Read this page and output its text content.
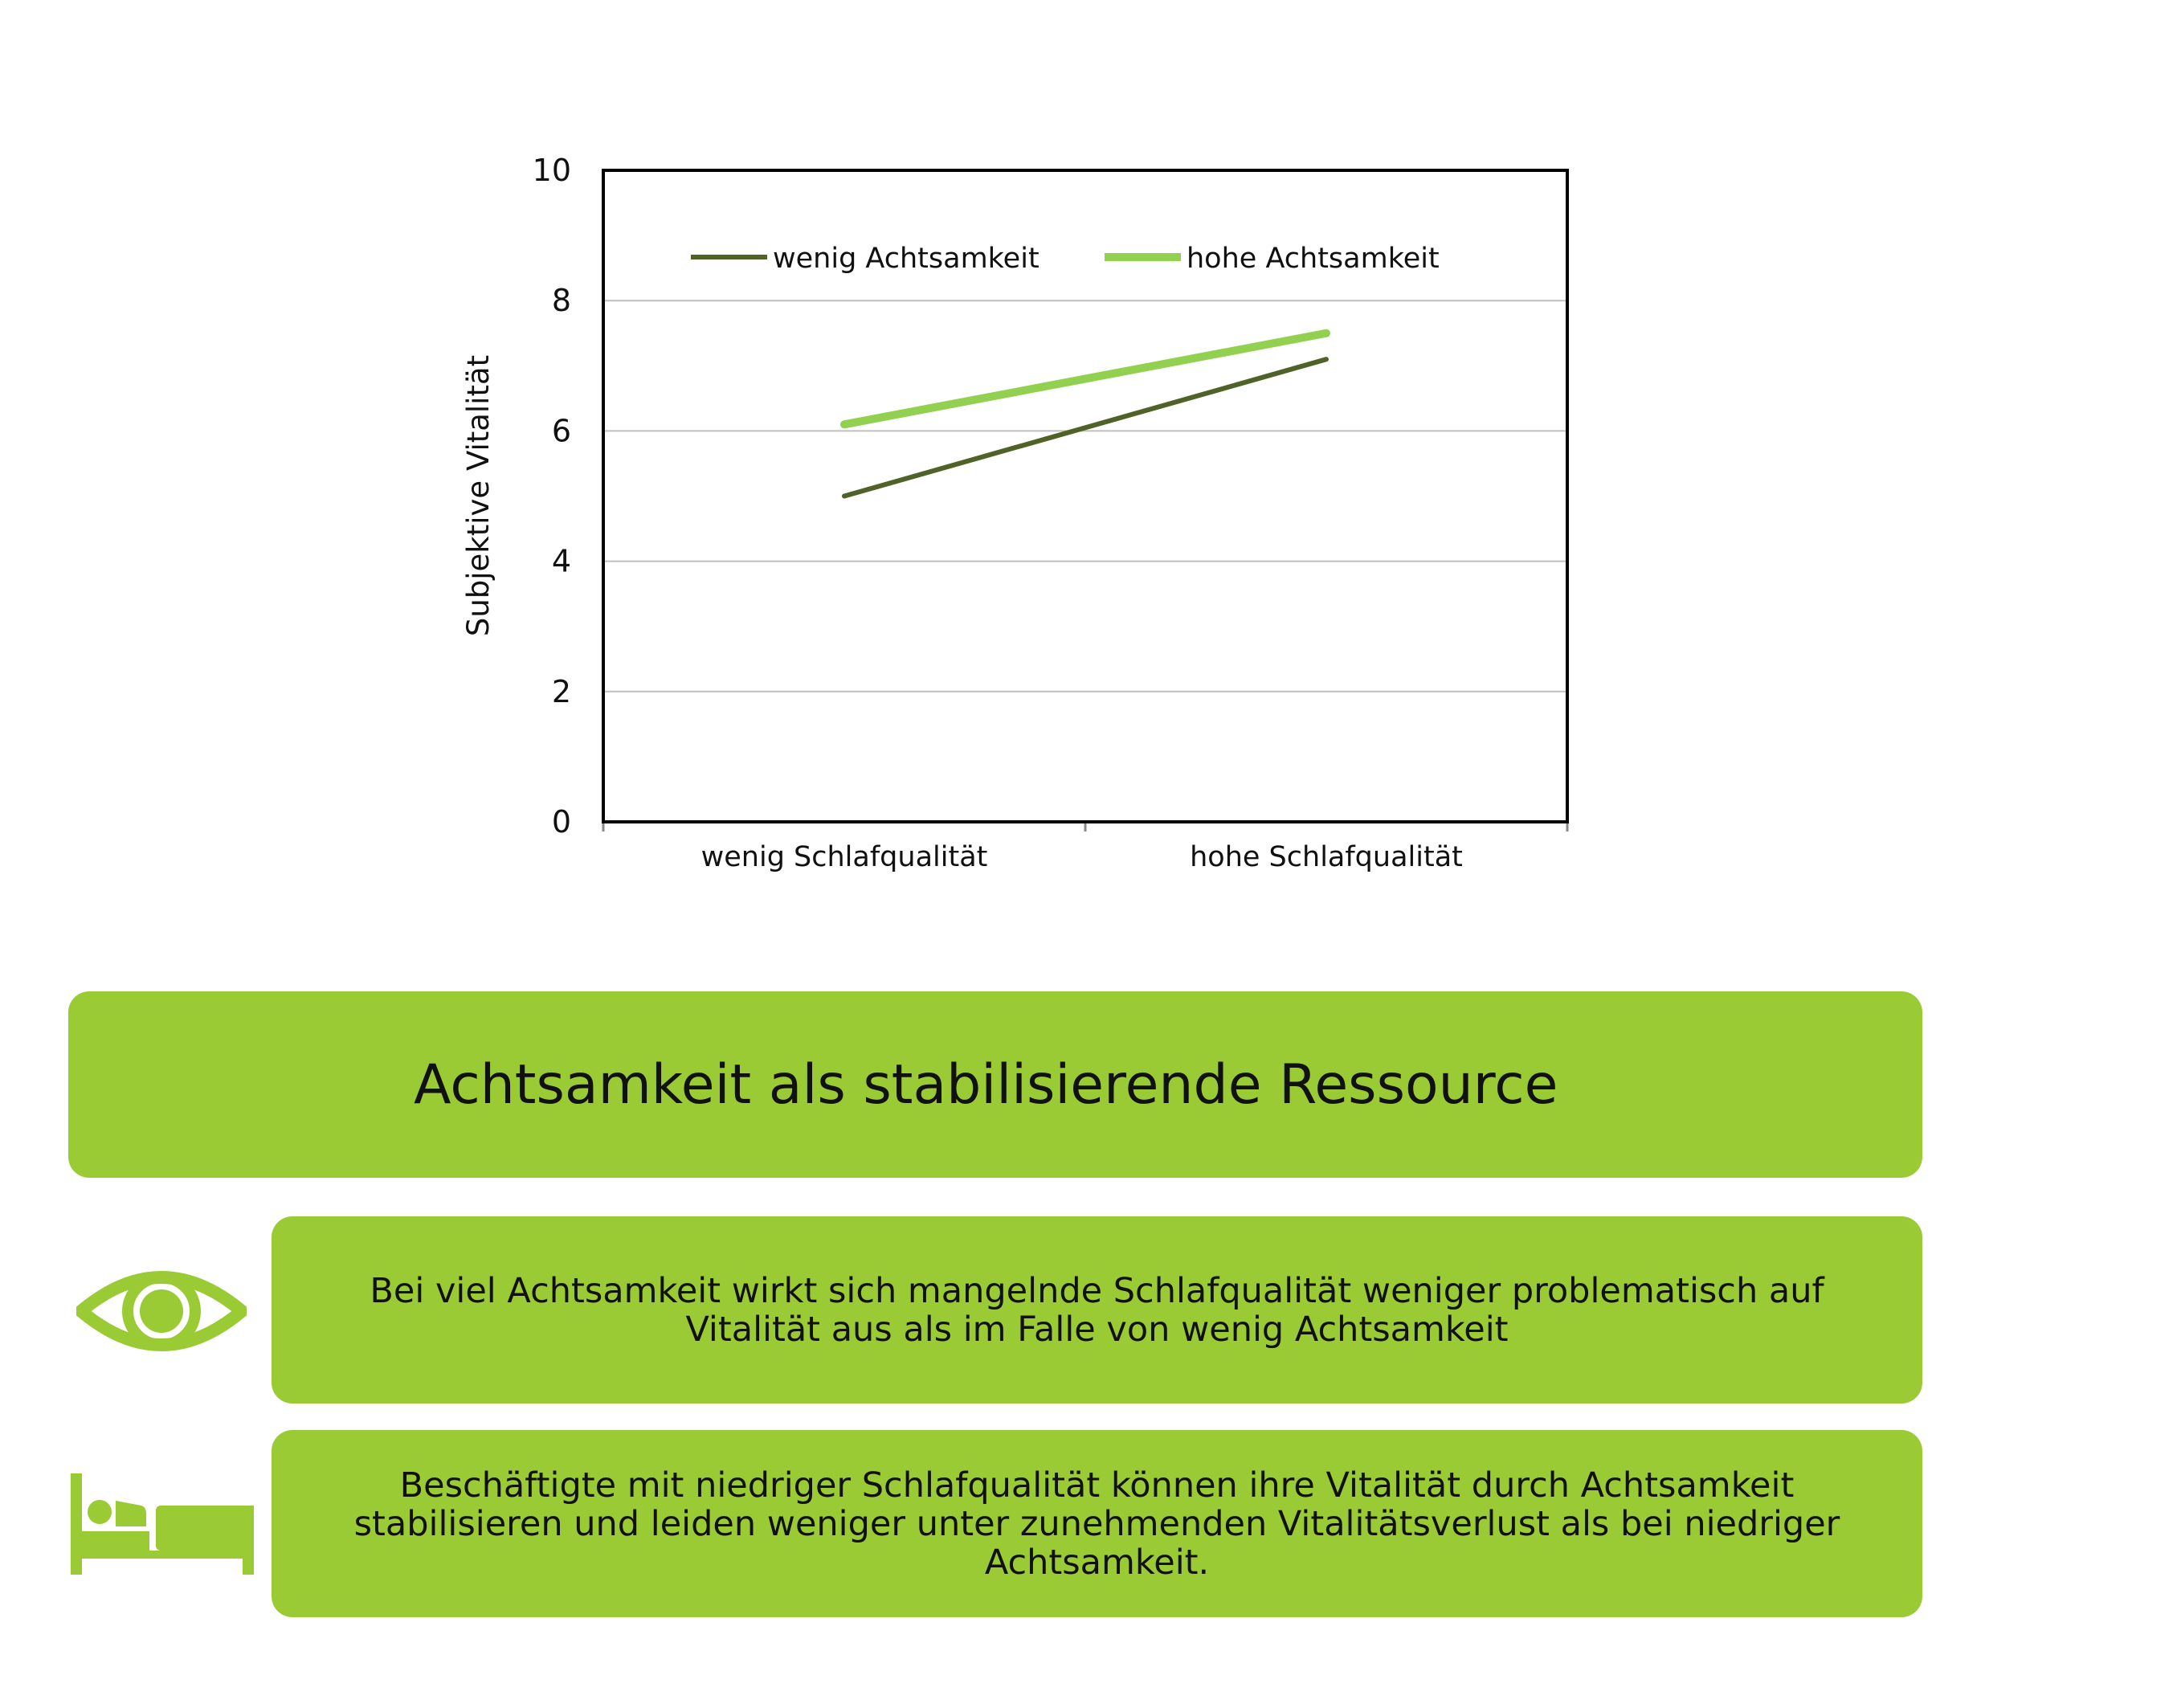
0
2
4
6
8
10
wenig Schlafqualität	hohe Schlafqualität
wenig Achtsamkeit	hohe Achtsamkeit
Subjektive Vitalität
Achtsamkeit als stabilisierende Ressource
Bei viel Achtsamkeit wirkt sich mangelnde Schlafqualität weniger problematisch auf Vitalität aus als im Falle von wenig Achtsamkeit
Beschäftigte mit niedriger Schlafqualität können ihre Vitalität durch Achtsamkeit stabilisieren und leiden weniger unter zunehmenden Vitalitätsverlust als bei niedriger Achtsamkeit.
